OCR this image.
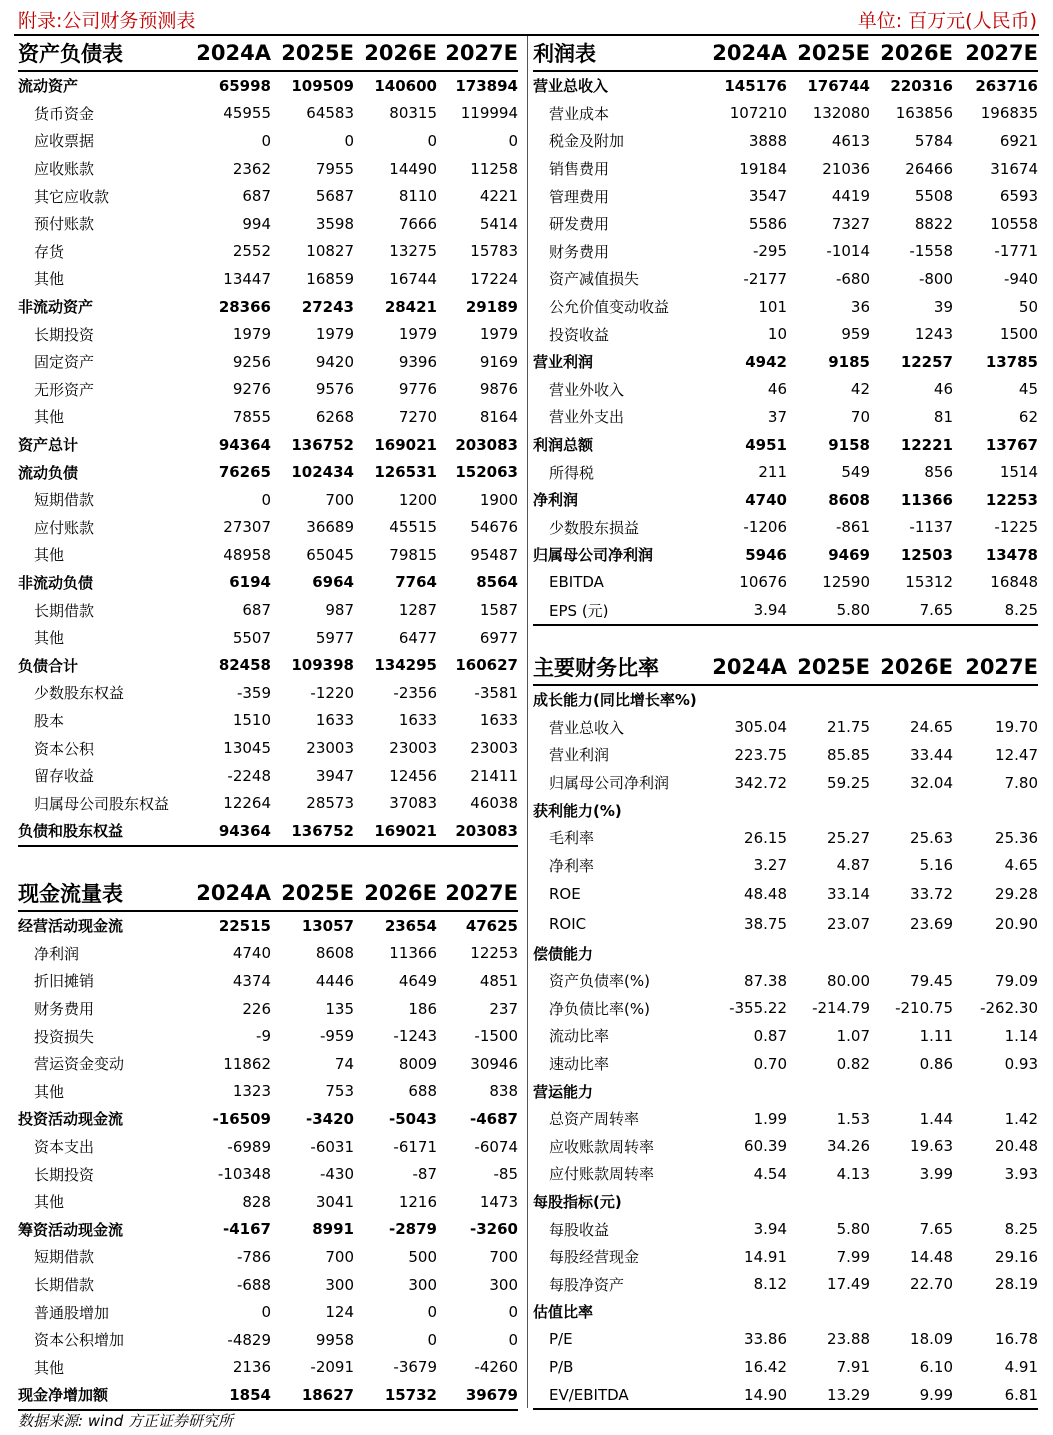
附录:公司财务预测表	单位: 百万元(人民币)
资产负债表	2024A	2025E	2026E	2027E
流动资产	65998	109509	140600	173894
货币资金	45955	64583	80315	119994
应收票据	0	0	0	0
应收账款	2362	7955	14490	11258
其它应收款	687	5687	8110	4221
预付账款	994	3598	7666	5414
存货	2552	10827	13275	15783
其他	13447	16859	16744	17224
非流动资产	28366	27243	28421	29189
长期投资	1979	1979	1979	1979
固定资产	9256	9420	9396	9169
无形资产	9276	9576	9776	9876
其他	7855	6268	7270	8164
资产总计	94364	136752	169021	203083
流动负债	76265	102434	126531	152063
短期借款	0	700	1200	1900
应付账款	27307	36689	45515	54676
其他	48958	65045	79815	95487
非流动负债	6194	6964	7764	8564
长期借款	687	987	1287	1587
其他	5507	5977	6477	6977
负债合计	82458	109398	134295	160627
少数股东权益	-359	-1220	-2356	-3581
股本	1510	1633	1633	1633
资本公积	13045	23003	23003	23003
留存收益	-2248	3947	12456	21411
归属母公司股东权益	12264	28573	37083	46038
负债和股东权益	94364	136752	169021	203083
现金流量表	2024A	2025E	2026E	2027E
经营活动现金流	22515	13057	23654	47625
净利润	4740	8608	11366	12253
折旧摊销	4374	4446	4649	4851
财务费用	226	135	186	237
投资损失	-9	-959	-1243	-1500
营运资金变动	11862	74	8009	30946
其他	1323	753	688	838
投资活动现金流	-16509	-3420	-5043	-4687
资本支出	-6989	-6031	-6171	-6074
长期投资	-10348	-430	-87	-85
其他	828	3041	1216	1473
筹资活动现金流	-4167	8991	-2879	-3260
短期借款	-786	700	500	700
长期借款	-688	300	300	300
普通股增加	0	124	0	0
资本公积增加	-4829	9958	0	0
其他	2136	-2091	-3679	-4260
现金净增加额	1854	18627	15732	39679
利润表	2024A	2025E	2026E	2027E
营业总收入	145176	176744	220316	263716
营业成本	107210	132080	163856	196835
税金及附加	3888	4613	5784	6921
销售费用	19184	21036	26466	31674
管理费用	3547	4419	5508	6593
研发费用	5586	7327	8822	10558
财务费用	-295	-1014	-1558	-1771
资产减值损失	-2177	-680	-800	-940
公允价值变动收益	101	36	39	50
投资收益	10	959	1243	1500
营业利润	4942	9185	12257	13785
营业外收入	46	42	46	45
营业外支出	37	70	81	62
利润总额	4951	9158	12221	13767
所得税	211	549	856	1514
净利润	4740	8608	11366	12253
少数股东损益	-1206	-861	-1137	-1225
归属母公司净利润	5946	9469	12503	13478
EBITDA	10676	12590	15312	16848
EPS (元)	3.94	5.80	7.65	8.25
主要财务比率	2024A	2025E	2026E	2027E
成长能力(同比增长率%)				
营业总收入	305.04	21.75	24.65	19.70
营业利润	223.75	85.85	33.44	12.47
归属母公司净利润	342.72	59.25	32.04	7.80
获利能力(%)				
毛利率	26.15	25.27	25.63	25.36
净利率	3.27	4.87	5.16	4.65
ROE	48.48	33.14	33.72	29.28
ROIC	38.75	23.07	23.69	20.90
偿债能力				
资产负债率(%)	87.38	80.00	79.45	79.09
净负债比率(%)	-355.22	-214.79	-210.75	-262.30
流动比率	0.87	1.07	1.11	1.14
速动比率	0.70	0.82	0.86	0.93
营运能力				
总资产周转率	1.99	1.53	1.44	1.42
应收账款周转率	60.39	34.26	19.63	20.48
应付账款周转率	4.54	4.13	3.99	3.93
每股指标(元)				
每股收益	3.94	5.80	7.65	8.25
每股经营现金	14.91	7.99	14.48	29.16
每股净资产	8.12	17.49	22.70	28.19
估值比率				
P/E	33.86	23.88	18.09	16.78
P/B	16.42	7.91	6.10	4.91
EV/EBITDA	14.90	13.29	9.99	6.81
数据来源: wind 方正证券研究所
